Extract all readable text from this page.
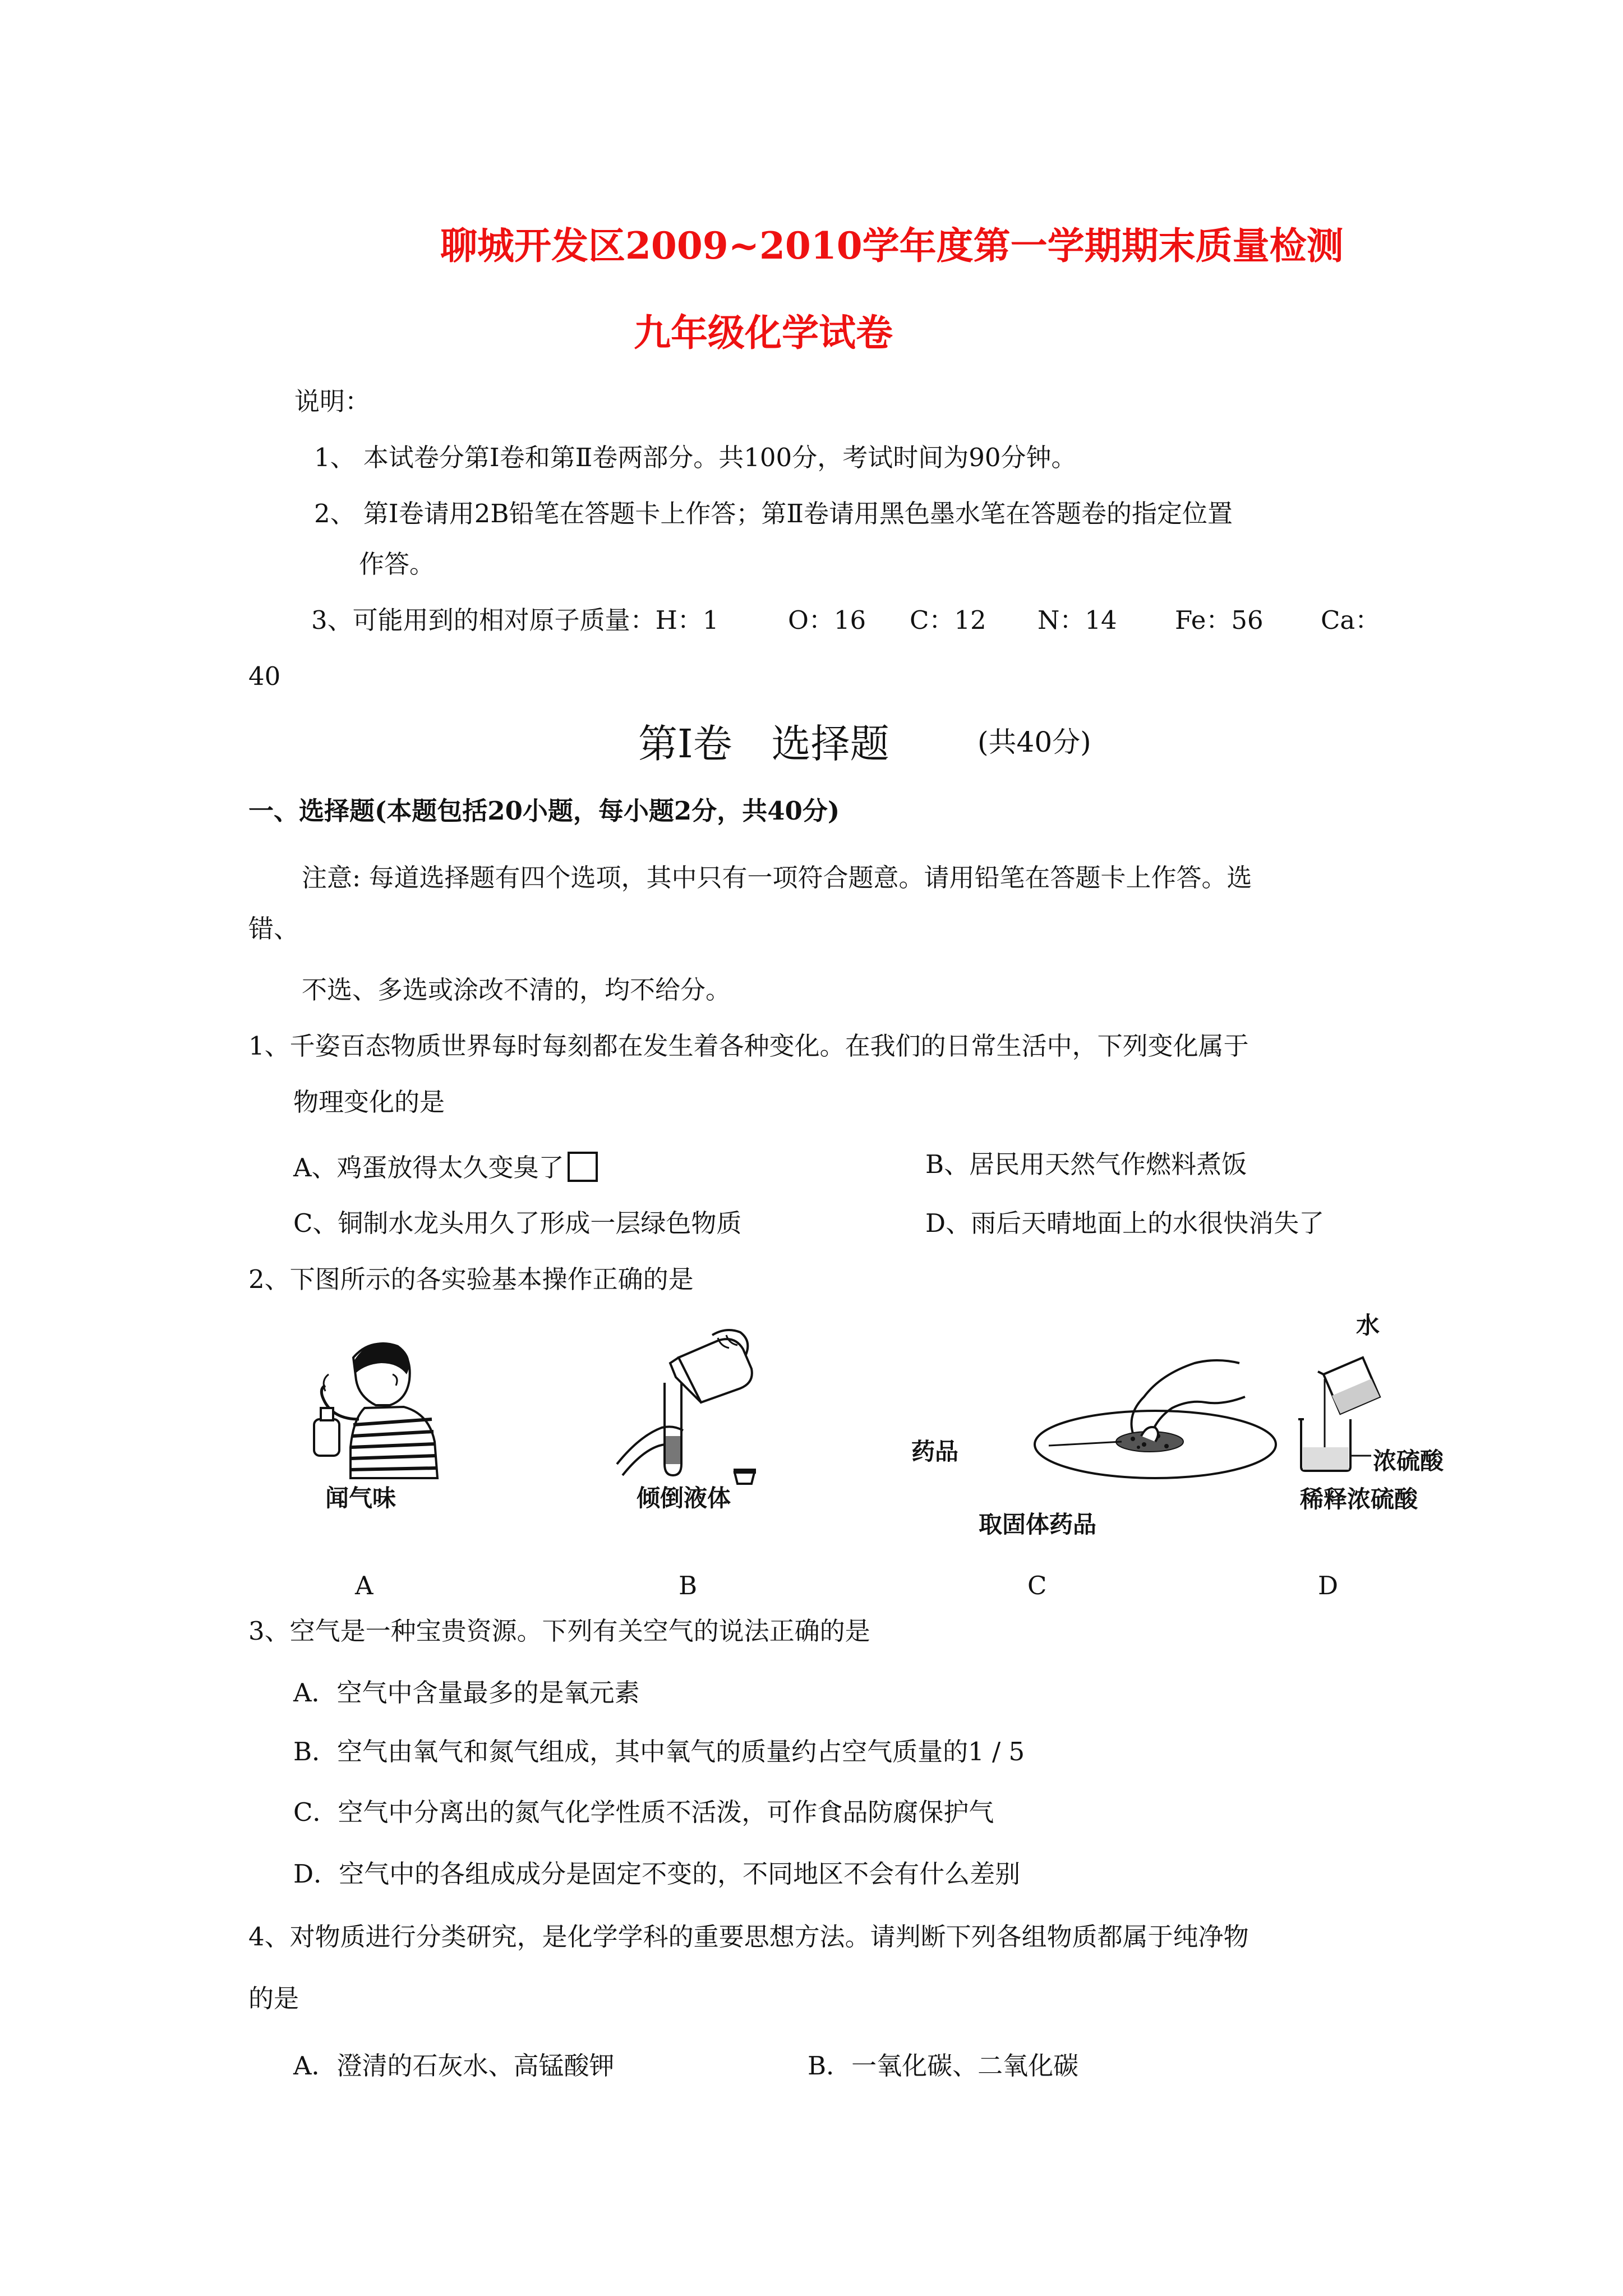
聊城开发区2009~2010学年度第一学期期末质量检测
九年级化学试卷
说明：
1、 本试卷分第Ⅰ卷和第Ⅱ卷两部分。共100分，考试时间为90分钟。
2、 第Ⅰ卷请用2B铅笔在答题卡上作答；第Ⅱ卷请用黑色墨水笔在答题卷的指定位置
作答。
3、可能用到的相对原子质量：H：1	O：16 C：12 N：14 Fe：56 Ca：
40
第Ⅰ卷　选择题	(共40分)
一、选择题(本题包括20小题，每小题2分，共40分)
注意: 每道选择题有四个选项，其中只有一项符合题意。请用铅笔在答题卡上作答。选
错、
不选、多选或涂改不清的，均不给分。
1、千姿百态物质世界每时每刻都在发生着各种变化。在我们的日常生活中，下列变化属于
物理变化的是
A、鸡蛋放得太久变臭了	B、居民用天然气作燃料煮饭
C、铜制水龙头用久了形成一层绿色物质	D、雨后天晴地面上的水很快消失了
2、下图所示的各实验基本操作正确的是
闻气味	倾倒液体
药品
取固体药品
水
浓硫酸
稀释浓硫酸
A	B	C	D
3、空气是一种宝贵资源。下列有关空气的说法正确的是
A．空气中含量最多的是氧元素
B．空气由氧气和氮气组成，其中氧气的质量约占空气质量的1 / 5
C．空气中分离出的氮气化学性质不活泼，可作食品防腐保护气
D．空气中的各组成成分是固定不变的，不同地区不会有什么差别
4、对物质进行分类研究，是化学学科的重要思想方法。请判断下列各组物质都属于纯净物
的是
A．澄清的石灰水、高锰酸钾	B．一氧化碳、二氧化碳
